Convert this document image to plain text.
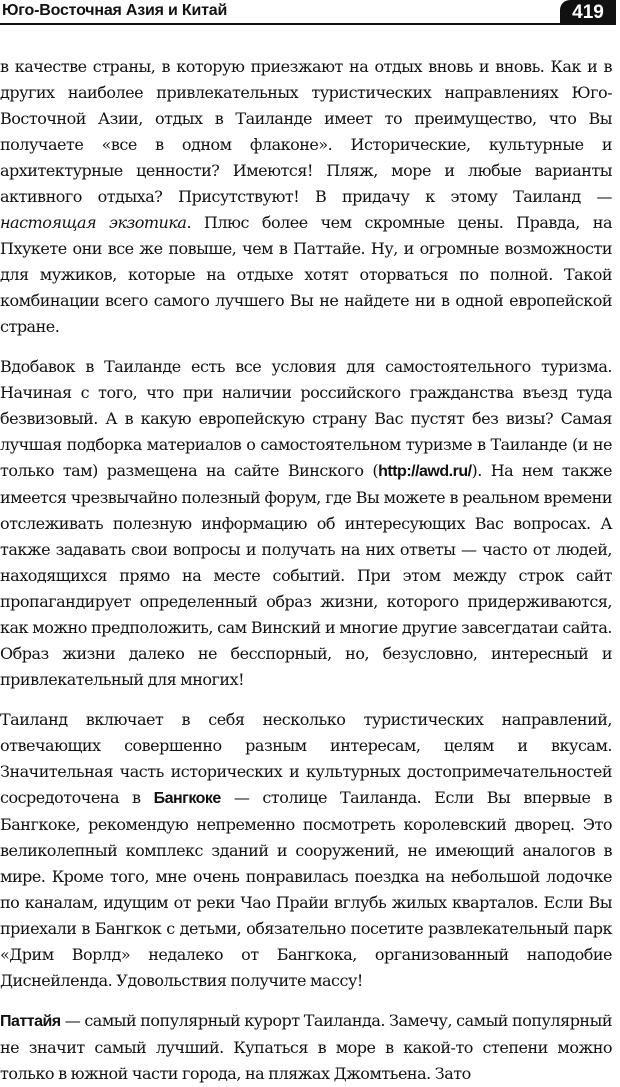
Юго-Восточная Азия и Китай	419

в качестве страны, в которую приезжают на отдых вновь и вновь. Как и в других наиболее привлекательных туристических направлениях Юго-Восточной Азии, отдых в Таиланде имеет то преимущество, что Вы получаете «все в одном флаконе». Исторические, культурные и архитектурные ценности? Имеются! Пляж, море и любые варианты активного отдыха? Присутствуют! В придачу к этому Таиланд — настоящая экзотика. Плюс более чем скромные цены. Правда, на Пхукете они все же повыше, чем в Паттайе. Ну, и огромные возможности для мужиков, которые на отдыхе хотят оторваться по полной. Такой комбинации всего самого лучшего Вы не найдете ни в одной европейской стране.

Вдобавок в Таиланде есть все условия для самостоятельного туризма. Начиная с того, что при наличии российского гражданства въезд туда безвизовый. А в какую европейскую страну Вас пустят без визы? Самая лучшая подборка материалов о самостоятельном туризме в Таиланде (и не только там) размещена на сайте Винского (http://awd.ru/). На нем также имеется чрезвычайно полезный форум, где Вы можете в реальном времени отслеживать полезную информацию об интересующих Вас вопросах. А также задавать свои вопросы и получать на них ответы — часто от людей, находящихся прямо на месте событий. При этом между строк сайт пропагандирует определенный образ жизни, которого придерживаются, как можно предположить, сам Винский и многие другие завсегдатаи сайта. Образ жизни далеко не бесспорный, но, безусловно, интересный и привлекательный для многих!

Таиланд включает в себя несколько туристических направлений, отвечающих совершенно разным интересам, целям и вкусам. Значительная часть исторических и культурных достопримечательностей сосредоточена в Бангкоке — столице Таиланда. Если Вы впервые в Бангкоке, рекомендую непременно посмотреть королевский дворец. Это великолепный комплекс зданий и сооружений, не имеющий аналогов в мире. Кроме того, мне очень понравилась поездка на небольшой лодочке по каналам, идущим от реки Чао Прайи вглубь жилых кварталов. Если Вы приехали в Бангкок с детьми, обязательно посетите развлекательный парк «Дрим Ворлд» недалеко от Бангкока, организованный наподобие Диснейленда. Удовольствия получите массу!

Паттайя — самый популярный курорт Таиланда. Замечу, самый популярный не значит самый лучший. Купаться в море в какой-то степени можно только в южной части города, на пляжах Джомтьена. Зато
